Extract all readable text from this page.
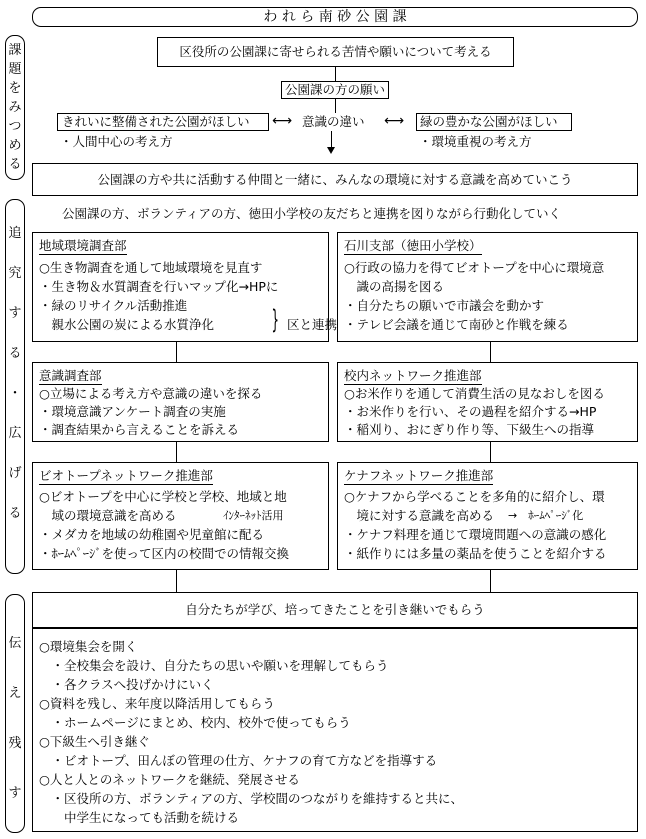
わ れ ら 南 砂 公 園 課
課
題
を
み
つ
め
る
区役所の公園課に寄せられる苦情や願いについて考える
公園課の方の願い
きれいに整備された公園がほしい
・人間中心の考え方
⟷ 意識の違い ⟷ 緑の豊かな公園がほしい
・環境重視の考え方
公園課の方や共に活動する仲間と一緒に、みんなの環境に対する意識を高めていこう
追
究
す
る
・
広
げ
る
公園課の方、ボランティアの方、徳田小学校の友だちと連携を図りながら行動化していく
地域環境調査部
○生き物調査を通して地域環境を見直す
・生き物＆水質調査を行いマップ化→HPに
・緑のリサイクル活動推進
　親水公園の炭による水質浄化 } 区と連携
石川支部（徳田小学校）
○行政の協力を得てビオトープを中心に環境意
　識の高揚を図る
・自分たちの願いで市議会を動かす
・テレビ会議を通じて南砂と作戦を練る
意識調査部
○立場による考え方や意識の違いを探る
・環境意識アンケート調査の実施
・調査結果から言えることを訴える
校内ネットワーク推進部
○お米作りを通して消費生活の見なおしを図る
・お米作りを行い、その過程を紹介する→HP
・稲刈り、おにぎり作り等、下級生への指導
ビオトープネットワーク推進部
○ビオトープを中心に学校と学校、地域と地
　域の環境意識を高める	ｲﾝﾀｰﾈｯﾄ活用
・メダカを地域の幼稚園や児童館に配る
・ﾎｰﾑﾍﾟｰｼﾞを使って区内の校間での情報交換
ケナフネットワーク推進部
○ケナフから学べることを多角的に紹介し、環
　境に対する意識を高める →　ﾎｰﾑﾍﾟｰｼﾞ化
・ケナフ料理を通じて環境問題への意識の感化
・紙作りには多量の薬品を使うことを紹介する
伝
え
残
す
自分たちが学び、培ってきたことを引き継いでもらう
○環境集会を開く
　・全校集会を設け、自分たちの思いや願いを理解してもらう
　・各クラスへ投げかけにいく
○資料を残し、来年度以降活用してもらう
　・ホームページにまとめ、校内、校外で使ってもらう
○下級生へ引き継ぐ
　・ビオトープ、田んぼの管理の仕方、ケナフの育て方などを指導する
○人と人とのネットワークを継続、発展させる
　・区役所の方、ボランティアの方、学校間のつながりを維持すると共に、
　　中学生になっても活動を続ける
